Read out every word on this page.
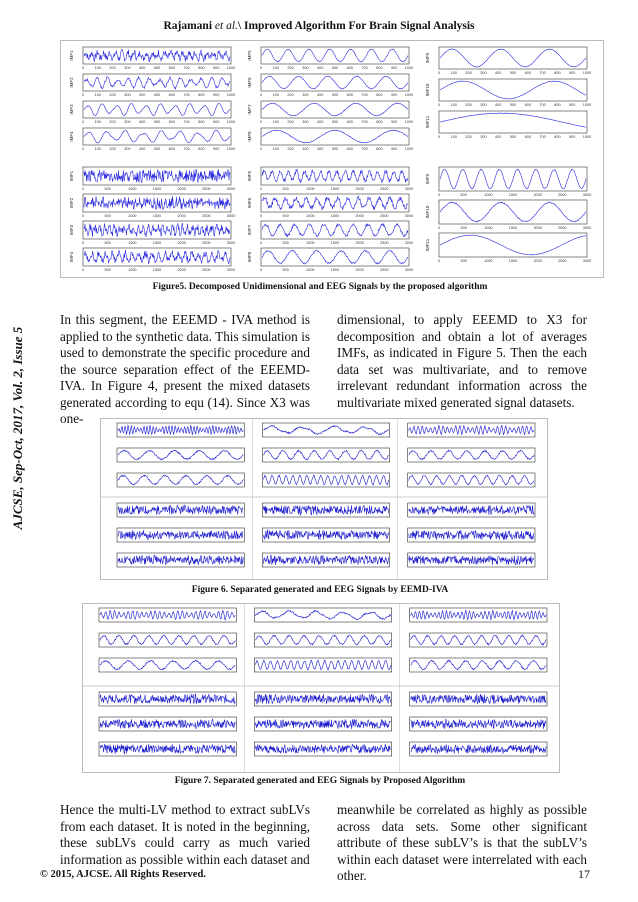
Rajamani et al.\ Improved Algorithm For Brain Signal Analysis
AJCSE, Sep-Oct, 2017, Vol. 2, Issue 5
IMF1
0	100 200 300 400 500 600 700 800 900 1000
IMF2
0	100 200 300 400 500 600 700 800 900 1000
IMF3
0	100 200 300 400 500 600 700 800 900 1000
IMF4
0	100 200 300 400 500 600 700 800 900 1000
IMF5
0	100 200 300 400 500 600 700 800 900 1000
IMF6
0	100 200 300 400 500 600 700 800 900 1000
IMF7
0	100 200 300 400 500 600 700 800 900 1000
IMF8
0	100 200 300 400 500 600 700 800 900 1000
IMF9
0	100 200 300 400 500 600 700 800 900 1000
IMF10
0	100 200 300 400 500 600 700 800 900 1000
IMF11
0	100 200 300 400 500 600 700 800 900 1000
IMF1
0	500	1000	1500	2000	2500	3000
IMF2
0	500	1000	1500	2000	2500	3000
IMF3
0	500	1000	1500	2000	2500	3000
IMF4
0	500	1000	1500	2000	2500	3000
IMF5
0	500	1000	1500	2000	2500	3000
IMF6
0	500	1000	1500	2000	2500	3000
IMF7
0	500	1000	1500	2000	2500	3000
IMF8
0	500	1000	1500	2000	2500	3000
IMF9
0	500	1000	1500	2000	2500	3000
IMF10
0	500	1000	1500	2000	2500	3000
IMF11
0	500	1000	1500	2000	2500	3000
Figure5. Decomposed Unidimensional and EEG Signals by the proposed algorithm
In this segment, the EEEMD - IVA method is applied to the synthetic data. This simulation is used to demonstrate the specific procedure and the source separation effect of the EEEMD-IVA. In Figure 4, present the mixed datasets generated according to equ (14). Since X3 was one-
dimensional, to apply EEEMD to X3 for decomposition and obtain a lot of averages IMFs, as indicated in Figure 5. Then the each data set was multivariate, and to remove irrelevant redundant information across the multivariate mixed generated signal datasets.
Figure 6. Separated generated and EEG Signals by EEMD-IVA
Figure 7. Separated generated and EEG Signals by Proposed Algorithm
Hence the multi-LV method to extract subLVs from each dataset. It is noted in the beginning, these subLVs could carry as much varied information as possible within each dataset and
meanwhile be correlated as highly as possible across data sets. Some other significant attribute of these subLV’s is that the subLV’s within each dataset were interrelated with each other.
© 2015, AJCSE. All Rights Reserved.	17
